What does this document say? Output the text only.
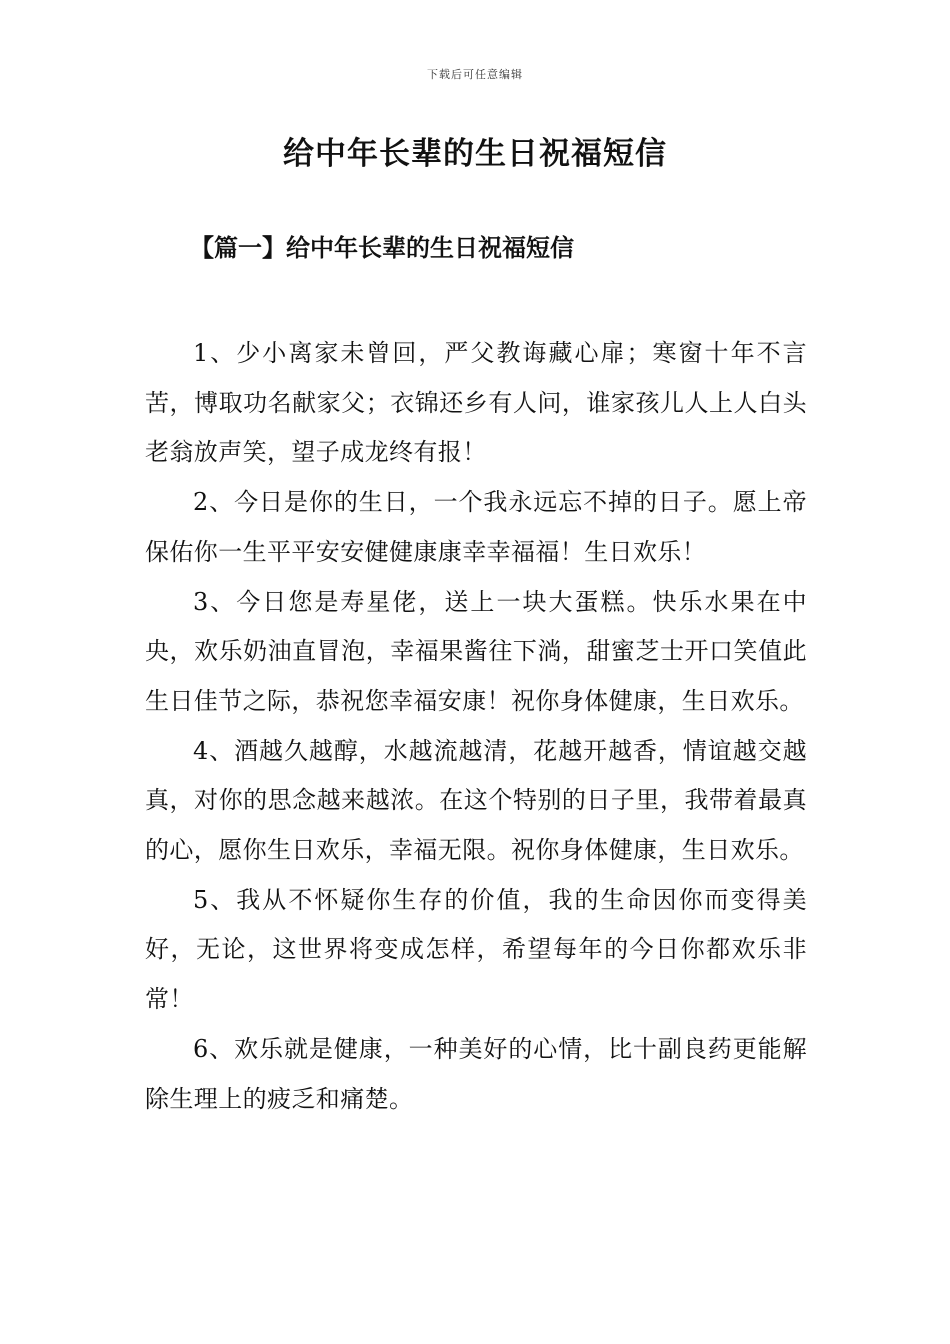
下载后可任意编辑
给中年长辈的生日祝福短信
【篇一】给中年长辈的生日祝福短信

1、少小离家未曾回，严父教诲藏心扉；寒窗十年不言苦，博取功名献家父；衣锦还乡有人问，谁家孩儿人上人白头老翁放声笑，望子成龙终有报！

2、今日是你的生日，一个我永远忘不掉的日子。愿上帝保佑你一生平平安安健健康康幸幸福福！生日欢乐！

3、今日您是寿星佬，送上一块大蛋糕。快乐水果在中央，欢乐奶油直冒泡，幸福果酱往下淌，甜蜜芝士开口笑值此生日佳节之际，恭祝您幸福安康！祝你身体健康，生日欢乐。

4、酒越久越醇，水越流越清，花越开越香，情谊越交越真，对你的思念越来越浓。在这个特别的日子里，我带着最真的心，愿你生日欢乐，幸福无限。祝你身体健康，生日欢乐。

5、我从不怀疑你生存的价值，我的生命因你而变得美好，无论，这世界将变成怎样，希望每年的今日你都欢乐非常！

6、欢乐就是健康，一种美好的心情，比十副良药更能解除生理上的疲乏和痛楚。
